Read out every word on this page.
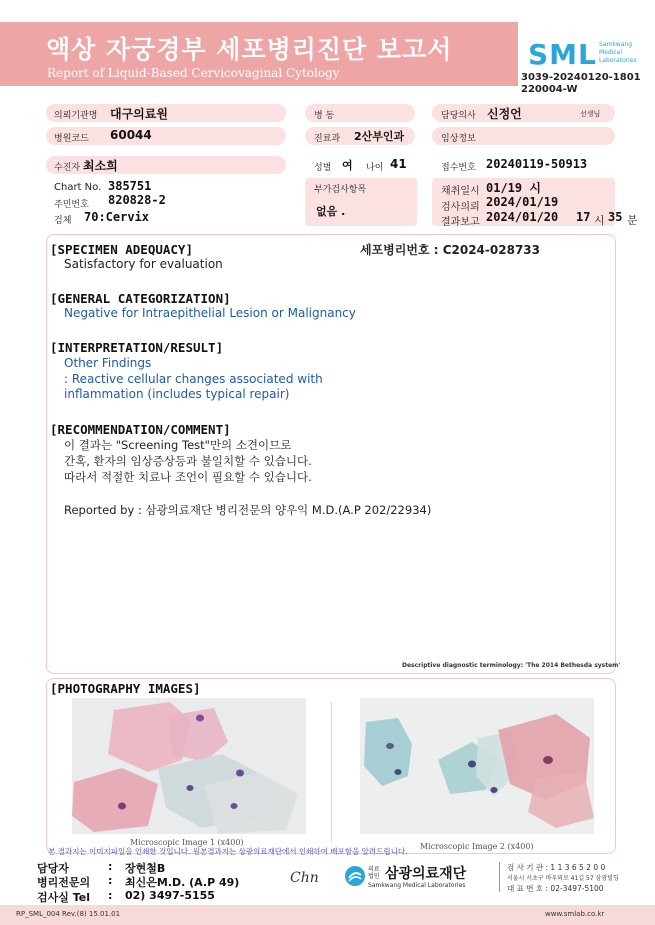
액상 자궁경부 세포병리진단 보고서
Report of Liquid-Based Cervicovaginal Cytology
SML Samkwang
Medical
Laboratories
3039-20240120-1801
220004-W
의뢰기관명 대구의료원	병 동	담당의사 신정언	선생님
병원코드 60044	진료과 2산부인과	임상정보
수진자 최소희	성별 여 나이 41	접수번호 20240119-50913
Chart No. 385751
주민번호 820828-2
검체 70:Cervix
부가검사항목
없음 .
채취일시 01/19 시
검사의뢰 2024/01/19
결과보고 2024/01/20 17 시 35 분
세포병리번호 : C2024-028733
[SPECIMEN ADEQUACY]
Satisfactory for evaluation
[GENERAL CATEGORIZATION]
Negative for Intraepithelial Lesion or Malignancy
[INTERPRETATION/RESULT]
Other Findings
: Reactive cellular changes associated with
inflammation (includes typical repair)
[RECOMMENDATION/COMMENT]
이 결과는 "Screening Test"만의 소견이므로
간혹, 환자의 임상증상등과 불일치할 수 있습니다.
따라서 적절한 치료나 조언이 필요할 수 있습니다.
Reported by : 삼광의료재단 병리전문의 양우익 M.D.(A.P 202/22934)
Descriptive diagnostic terminology: 'The 2014 Bethesda system'
[PHOTOGRAPHY IMAGES]
Microscopic Image 1 (x400)	Microscopic Image 2 (x400)
본 결과지는 이미지파일을 인쇄한 것입니다. 원본결과지는 삼광의료재단에서 인쇄하여 배포함을 알려드립니다.
담당자	: 장현철B
병리전문의 : 최신은M.D. (A.P 49)
검사실 Tel : 02) 3497-5155
Chn
의료
법인 삼광의료재단
Samkwang Medical Laboratories
검 사 기 관 : 1 1 3 6 5 2 0 0
서울시 서초구 바우뫼로 41길 57 삼광빌딩
대 표 번 호 : 02-3497-5100
RP_SML_004 Rev.(8) 15.01.01	www.smlab.co.kr
